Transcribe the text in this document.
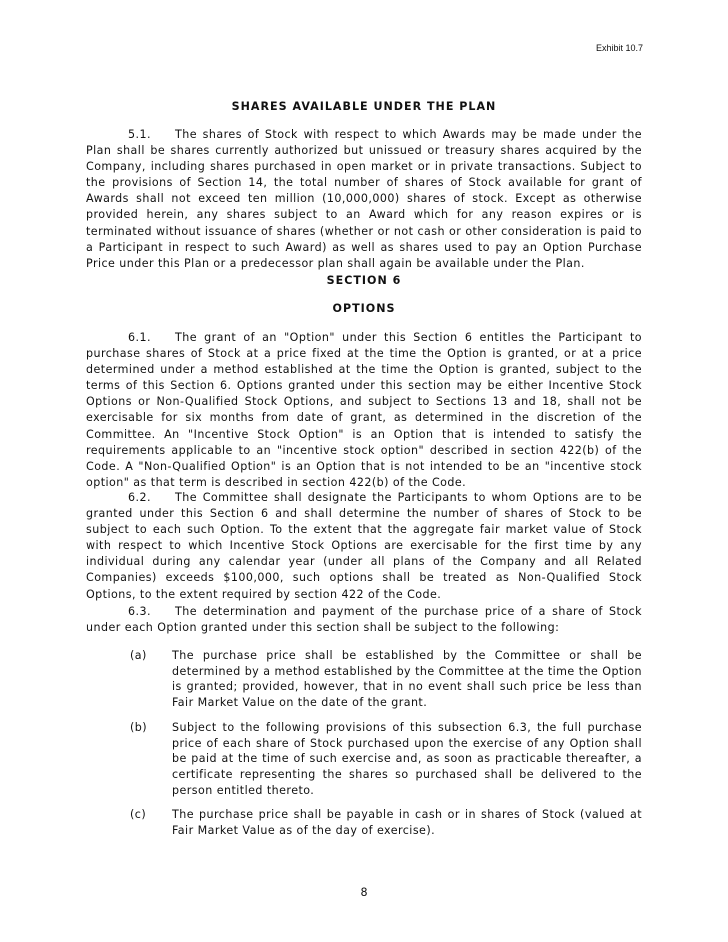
Exhibit 10.7
SHARES AVAILABLE UNDER THE PLAN

5.1. The shares of Stock with respect to which Awards may be made under the Plan shall be shares currently authorized but unissued or treasury shares acquired by the Company, including shares purchased in open market or in private transactions. Subject to the provisions of Section 14, the total number of shares of Stock available for grant of Awards shall not exceed ten million (10,000,000) shares of stock. Except as otherwise provided herein, any shares subject to an Award which for any reason expires or is terminated without issuance of shares (whether or not cash or other consideration is paid to a Participant in respect to such Award) as well as shares used to pay an Option Purchase Price under this Plan or a predecessor plan shall again be available under the Plan.

SECTION 6
OPTIONS

6.1. The grant of an "Option" under this Section 6 entitles the Participant to purchase shares of Stock at a price fixed at the time the Option is granted, or at a price determined under a method established at the time the Option is granted, subject to the terms of this Section 6. Options granted under this section may be either Incentive Stock Options or Non-Qualified Stock Options, and subject to Sections 13 and 18, shall not be exercisable for six months from date of grant, as determined in the discretion of the Committee. An "Incentive Stock Option" is an Option that is intended to satisfy the requirements applicable to an "incentive stock option" described in section 422(b) of the Code. A "Non-Qualified Option" is an Option that is not intended to be an "incentive stock option" as that term is described in section 422(b) of the Code.

6.2. The Committee shall designate the Participants to whom Options are to be granted under this Section 6 and shall determine the number of shares of Stock to be subject to each such Option. To the extent that the aggregate fair market value of Stock with respect to which Incentive Stock Options are exercisable for the first time by any individual during any calendar year (under all plans of the Company and all Related Companies) exceeds $100,000, such options shall be treated as Non-Qualified Stock Options, to the extent required by section 422 of the Code.

6.3. The determination and payment of the purchase price of a share of Stock under each Option granted under this section shall be subject to the following:

(a)	The purchase price shall be established by the Committee or shall be determined by a method established by the Committee at the time the Option is granted; provided, however, that in no event shall such price be less than Fair Market Value on the date of the grant.

(b)	Subject to the following provisions of this subsection 6.3, the full purchase price of each share of Stock purchased upon the exercise of any Option shall be paid at the time of such exercise and, as soon as practicable thereafter, a certificate representing the shares so purchased shall be delivered to the person entitled thereto.

(c)	The purchase price shall be payable in cash or in shares of Stock (valued at Fair Market Value as of the day of exercise).

8
